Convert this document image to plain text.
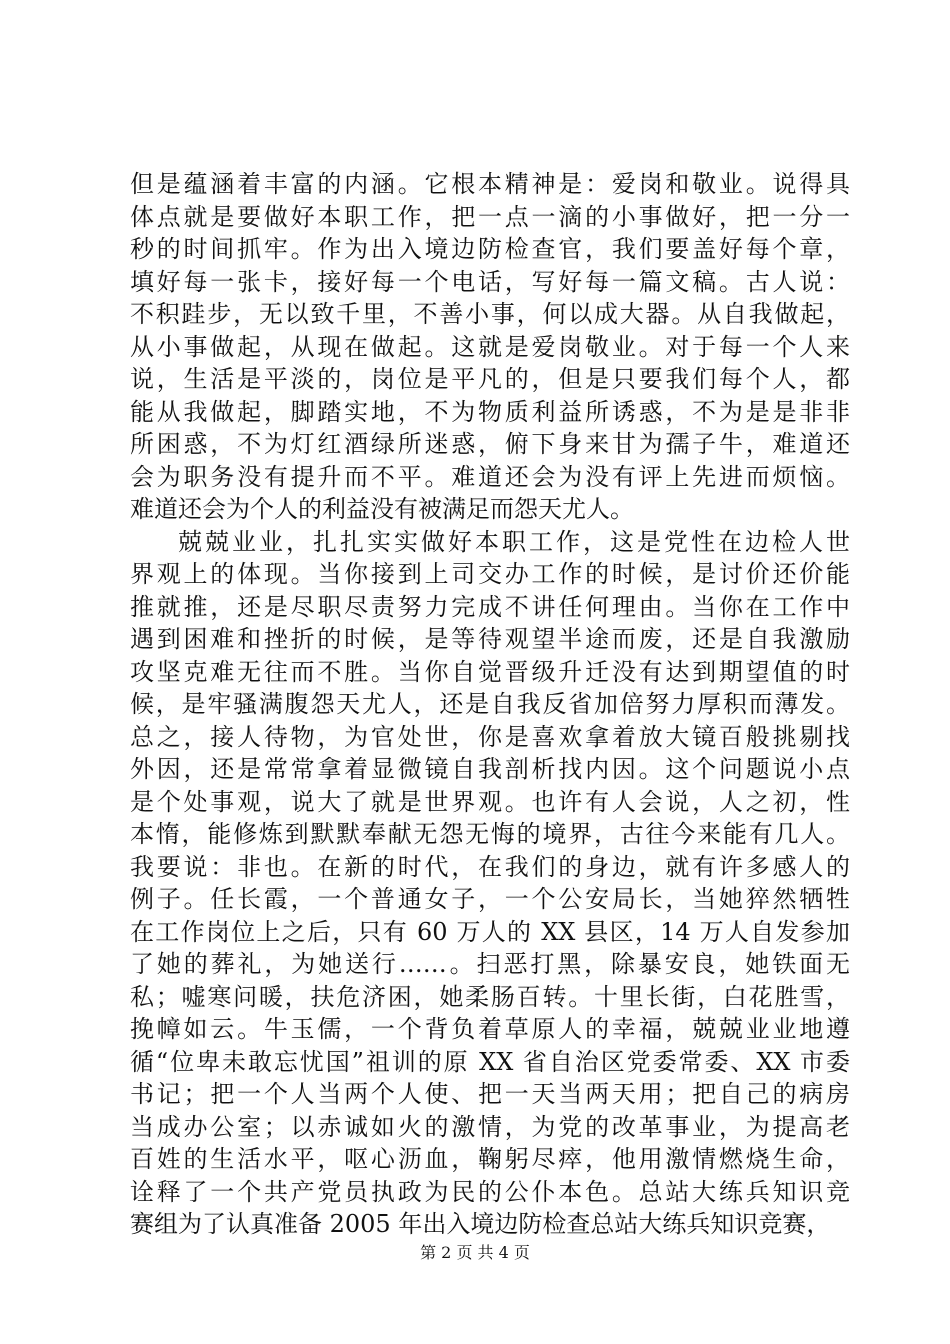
但是蕴涵着丰富的内涵。它根本精神是：爱岗和敬业。说得具
体点就是要做好本职工作，把一点一滴的小事做好，把一分一
秒的时间抓牢。作为出入境边防检查官，我们要盖好每个章，
填好每一张卡，接好每一个电话，写好每一篇文稿。古人说：
不积跬步，无以致千里，不善小事，何以成大器。从自我做起，
从小事做起，从现在做起。这就是爱岗敬业。对于每一个人来
说，生活是平淡的，岗位是平凡的，但是只要我们每个人，都
能从我做起，脚踏实地，不为物质利益所诱惑，不为是是非非
所困惑，不为灯红酒绿所迷惑，俯下身来甘为孺子牛，难道还
会为职务没有提升而不平。难道还会为没有评上先进而烦恼。
难道还会为个人的利益没有被满足而怨天尤人。
兢兢业业，扎扎实实做好本职工作，这是党性在边检人世
界观上的体现。当你接到上司交办工作的时候，是讨价还价能
推就推，还是尽职尽责努力完成不讲任何理由。当你在工作中
遇到困难和挫折的时候，是等待观望半途而废，还是自我激励
攻坚克难无往而不胜。当你自觉晋级升迁没有达到期望值的时
候，是牢骚满腹怨天尤人，还是自我反省加倍努力厚积而薄发。
总之，接人待物，为官处世，你是喜欢拿着放大镜百般挑剔找
外因，还是常常拿着显微镜自我剖析找内因。这个问题说小点
是个处事观，说大了就是世界观。也许有人会说，人之初，性
本惰，能修炼到默默奉献无怨无悔的境界，古往今来能有几人。
我要说：非也。在新的时代，在我们的身边，就有许多感人的
例子。任长霞，一个普通女子，一个公安局长，当她猝然牺牲
在工作岗位上之后，只有 60 万人的 XX 县区，14 万人自发参加
了她的葬礼，为她送行……。扫恶打黑，除暴安良，她铁面无
私；嘘寒问暖，扶危济困，她柔肠百转。十里长街，白花胜雪，
挽幛如云。牛玉儒，一个背负着草原人的幸福，兢兢业业地遵
循“位卑未敢忘忧国”祖训的原 XX 省自治区党委常委、XX 市委
书记；把一个人当两个人使、把一天当两天用；把自己的病房
当成办公室；以赤诚如火的激情，为党的改革事业，为提高老
百姓的生活水平，呕心沥血，鞠躬尽瘁，他用激情燃烧生命，
诠释了一个共产党员执政为民的公仆本色。总站大练兵知识竞
赛组为了认真准备 2005 年出入境边防检查总站大练兵知识竞赛，
第 2 页 共 4 页
